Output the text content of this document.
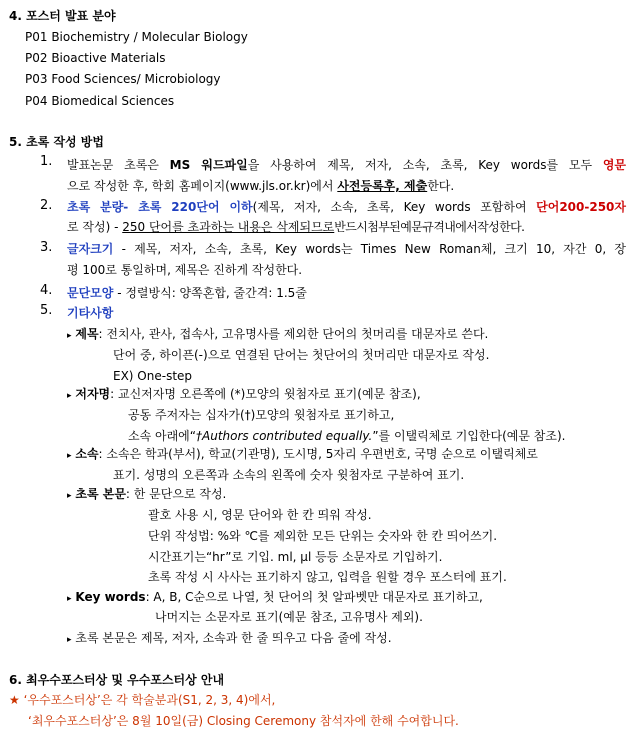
4. 포스터 발표 분야
P01 Biochemistry / Molecular Biology
P02 Bioactive Materials
P03 Food Sciences/ Microbiology
P04 Biomedical Sciences
5. 초록 작성 방법
1. 발표논문 초록은 MS 워드파일을 사용하여 제목, 저자, 소속, 초록, Key words를 모두 영문
으로 작성한 후, 학회 홈페이지(www.jls.or.kr)에서 사전등록후, 제출한다.
2. 초록 분량- 초록 220단어 이하(제목, 저자, 소속, 초록, Key words 포함하여 단어200-250자
로 작성) - 250 단어를 초과하는 내용은 삭제되므로반드시첨부된예문규격내에서작성한다.
3. 글자크기 - 제목, 저자, 소속, 초록, Key words는 Times New Roman체, 크기 10, 자간 0, 장
평 100로 통일하며, 제목은 진하게 작성한다.
4. 문단모양 - 정렬방식: 양쪽혼합, 줄간격: 1.5줄
5. 기타사항
▸ 제목: 전치사, 관사, 접속사, 고유명사를 제외한 단어의 첫머리를 대문자로 쓴다.
단어 중, 하이픈(-)으로 연결된 단어는 첫단어의 첫머리만 대문자로 작성.
EX) One-step
▸ 저자명: 교신저자명 오른쪽에 (*)모양의 윗첨자로 표기(예문 참조),
공동 주저자는 십자가(†)모양의 윗첨자로 표기하고,
소속 아래에“†Authors contributed equally.”를 이탤릭체로 기입한다(예문 참조).
▸ 소속: 소속은 학과(부서), 학교(기관명), 도시명, 5자리 우편번호, 국명 순으로 이탤릭체로
표기. 성명의 오른쪽과 소속의 왼쪽에 숫자 윗첨자로 구분하여 표기.
▸ 초록 본문: 한 문단으로 작성.
괄호 사용 시, 영문 단어와 한 칸 띄워 작성.
단위 작성법: %와 ℃를 제외한 모든 단위는 숫자와 한 칸 띄어쓰기.
시간표기는“hr”로 기입. ml, μl 등등 소문자로 기입하기.
초록 작성 시 사사는 표기하지 않고, 입력을 원할 경우 포스터에 표기.
▸ Key words: A, B, C순으로 나열, 첫 단어의 첫 알파벳만 대문자로 표기하고,
나머지는 소문자로 표기(예문 참조, 고유명사 제외).
▸ 초록 본문은 제목, 저자, 소속과 한 줄 띄우고 다음 줄에 작성.
6. 최우수포스터상 및 우수포스터상 안내
★ ‘우수포스터상’은 각 학술분과(S1, 2, 3, 4)에서,
‘최우수포스터상’은 8월 10일(금) Closing Ceremony 참석자에 한해 수여합니다.
